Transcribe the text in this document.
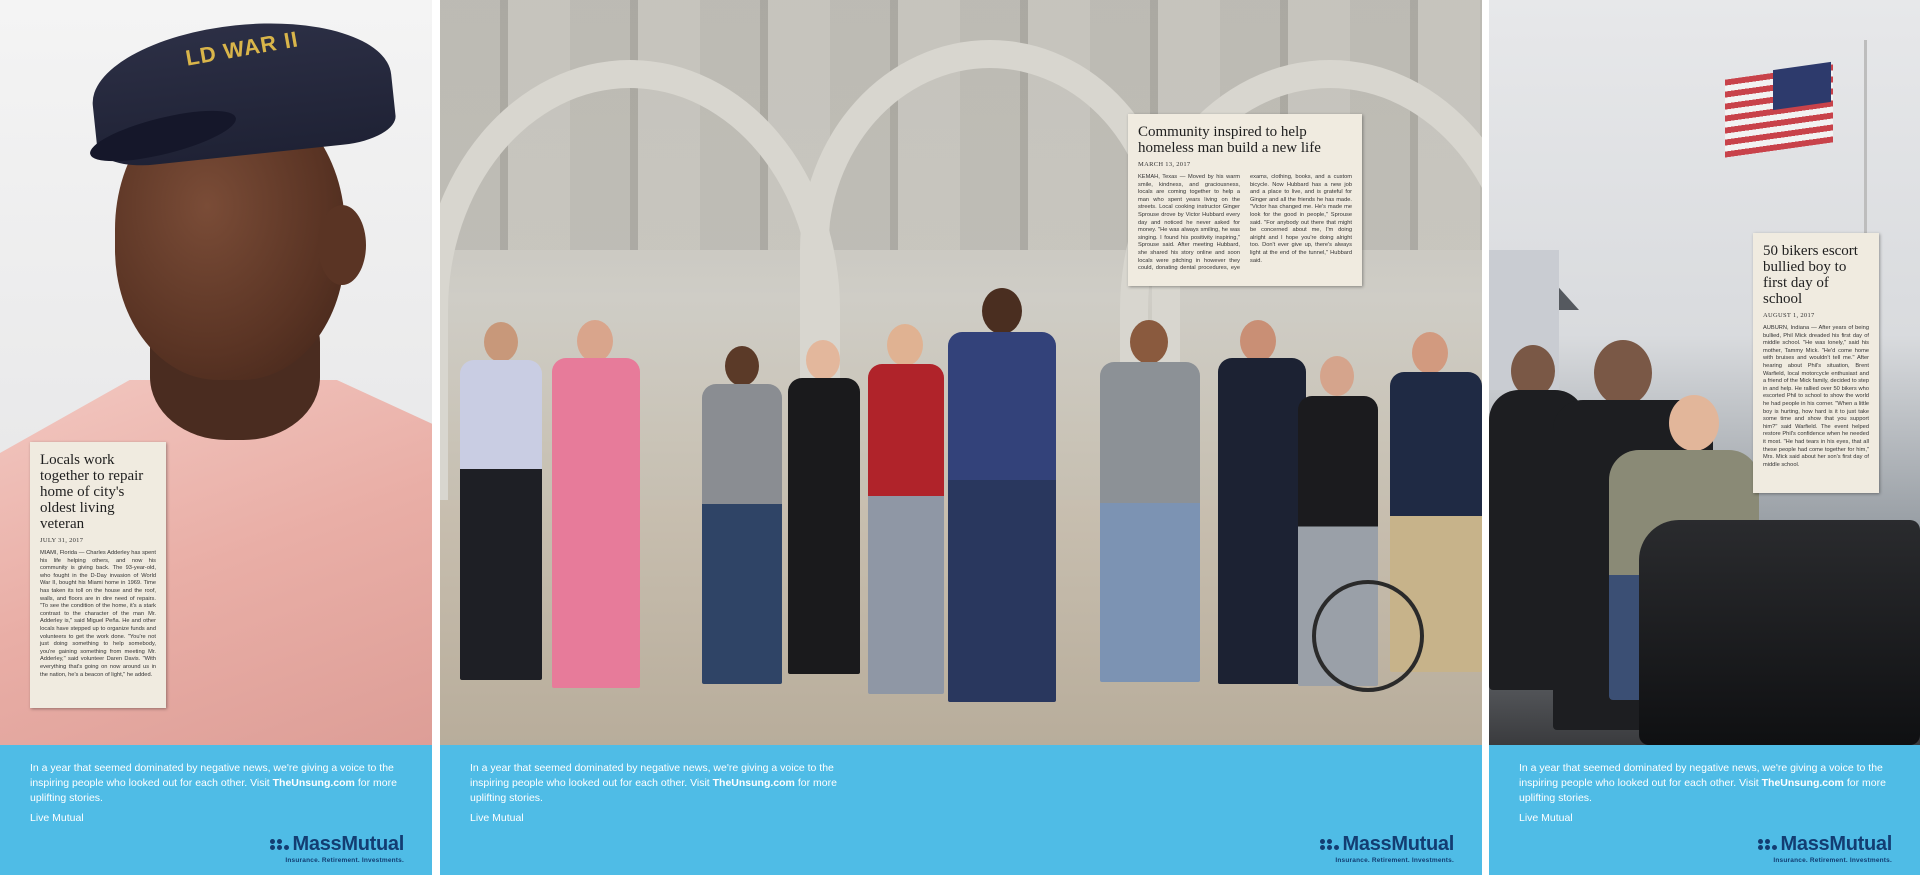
LD WAR II
Locals work together to repair home of city's oldest living veteran
JULY 31, 2017
MIAMI, Florida — Charles Adderley has spent his life helping others, and now his community is giving back. The 93-year-old, who fought in the D-Day invasion of World War II, bought his Miami home in 1969. Time has taken its toll on the house and the roof, walls, and floors are in dire need of repairs. "To see the condition of the home, it's a stark contrast to the character of the man Mr. Adderley is," said Miguel Peña. He and other locals have stepped up to organize funds and volunteers to get the work done. "You're not just doing something to help somebody, you're gaining something from meeting Mr. Adderley," said volunteer Daren Davis. "With everything that's going on now around us in the nation, he's a beacon of light," he added.
In a year that seemed dominated by negative news, we're giving a voice to the inspiring people who looked out for each other. Visit TheUnsung.com for more uplifting stories.
Live Mutual
MassMutual
Insurance. Retirement. Investments.
Community inspired to help homeless man build a new life
MARCH 13, 2017
KEMAH, Texas — Moved by his warm smile, kindness, and graciousness, locals are coming together to help a man who spent years living on the streets. Local cooking instructor Ginger Sprouse drove by Victor Hubbard every day and noticed he never asked for money. "He was always smiling, he was singing. I found his positivity inspiring," Sprouse said. After meeting Hubbard, she shared his story online and soon locals were pitching in however they could, donating dental procedures, eye exams, clothing, books, and a custom bicycle. Now Hubbard has a new job and a place to live, and is grateful for Ginger and all the friends he has made. "Victor has changed me. He's made me look for the good in people," Sprouse said. "For anybody out there that might be concerned about me, I'm doing alright and I hope you're doing alright too. Don't ever give up, there's always light at the end of the tunnel," Hubbard said.
In a year that seemed dominated by negative news, we're giving a voice to the inspiring people who looked out for each other. Visit TheUnsung.com for more uplifting stories.
Live Mutual
MassMutual
Insurance. Retirement. Investments.
50 bikers escort bullied boy to first day of school
AUGUST 1, 2017
AUBURN, Indiana — After years of being bullied, Phil Mick dreaded his first day of middle school. "He was lonely," said his mother, Tammy Mick. "He'd come home with bruises and wouldn't tell me." After hearing about Phil's situation, Brent Warfield, local motorcycle enthusiast and a friend of the Mick family, decided to step in and help. He rallied over 50 bikers who escorted Phil to school to show the world he had people in his corner. "When a little boy is hurting, how hard is it to just take some time and show that you support him?" said Warfield. The event helped restore Phil's confidence when he needed it most. "He had tears in his eyes, that all these people had come together for him," Mrs. Mick said about her son's first day of middle school.
In a year that seemed dominated by negative news, we're giving a voice to the inspiring people who looked out for each other. Visit TheUnsung.com for more uplifting stories.
Live Mutual
MassMutual
Insurance. Retirement. Investments.
